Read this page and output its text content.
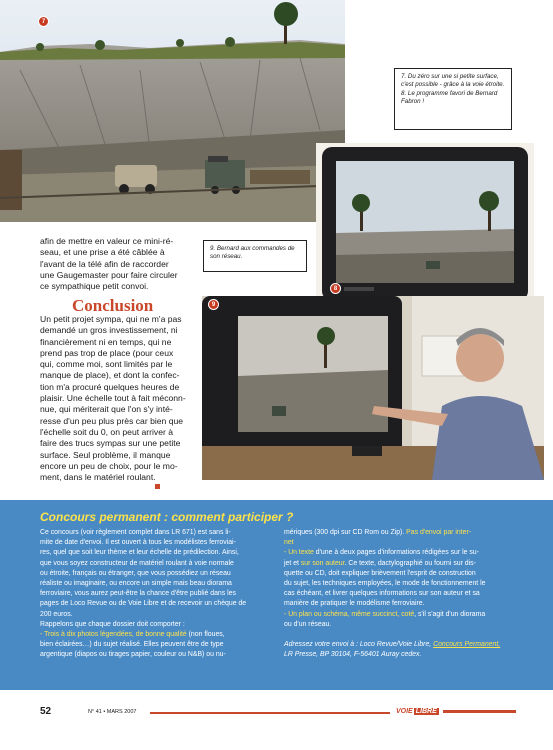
7
8
7. Du zéro sur une si petite surface, c'est possible - grâce à la voie étroite.
8. Le programme favori de Bernard Fabron !
9. Bernard aux commandes de son réseau.
afin de mettre en valeur ce mini-ré-
seau, et une prise a été câblée à
l'avant de la télé afin de raccorder
une Gaugemaster pour faire circuler
ce sympathique petit convoi.
Conclusion
Un petit projet sympa, qui ne m'a pas
demandé un gros investissement, ni
financièrement ni en temps, qui ne
prend pas trop de place (pour ceux
qui, comme moi, sont limités par le
manque de place), et dont la confec-
tion m'a procuré quelques heures de
plaisir. Une échelle tout à fait méconn-
nue, qui mériterait que l'on s'y inté-
resse d'un peu plus près car bien que
l'échelle soit du 0, on peut arriver à
faire des trucs sympas sur une petite
surface. Seul problème, il manque
encore un peu de choix, pour le mo-
ment, dans le matériel roulant.
9
Concours permanent : comment participer ?

Ce concours (voir règlement complet dans LR 671) est sans li-

mite de date d'envoi. Il est ouvert à tous les modélistes ferroviai-

res, quel que soit leur thème et leur échelle de prédilection. Ainsi,

que vous soyez constructeur de matériel roulant à voie normale

ou étroite, français ou étranger, que vous possédiez un réseau

réaliste ou imaginaire, ou encore un simple mais beau diorama

ferroviaire, vous aurez peut-être la chance d'être publié dans les

pages de Loco Revue ou de Voie Libre et de recevoir un chèque de

200 euros.

Rappelons que chaque dossier doit comporter :

- Trois à dix photos légendées, de bonne qualité (non floues,

bien éclairées…) du sujet réalisé. Elles peuvent être de type

argentique (diapos ou tirages papier, couleur ou N&B) ou nu-

mériques (300 dpi sur CD Rom ou Zip). Pas d'envoi par inter-

net

- Un texte d'une à deux pages d'informations rédigées sur le su-

jet et sur son auteur. Ce texte, dactylographié ou fourni sur dis-

quette ou CD, doit expliquer brièvement l'esprit de construction

du sujet, les techniques employées, le mode de fonctionnement le

cas échéant, et livrer quelques informations sur son auteur et sa

manière de pratiquer le modélisme ferroviaire.

- Un plan ou schéma, même succinct, coté, s'il s'agit d'un diorama

ou d'un réseau.

Adressez votre envoi à : Loco Revue/Voie Libre, Concours Permanent,

LR Presse, BP 30104, F-56401 Auray cedex.

52	N° 41 • MARS 2007	VOIE LIBRE
